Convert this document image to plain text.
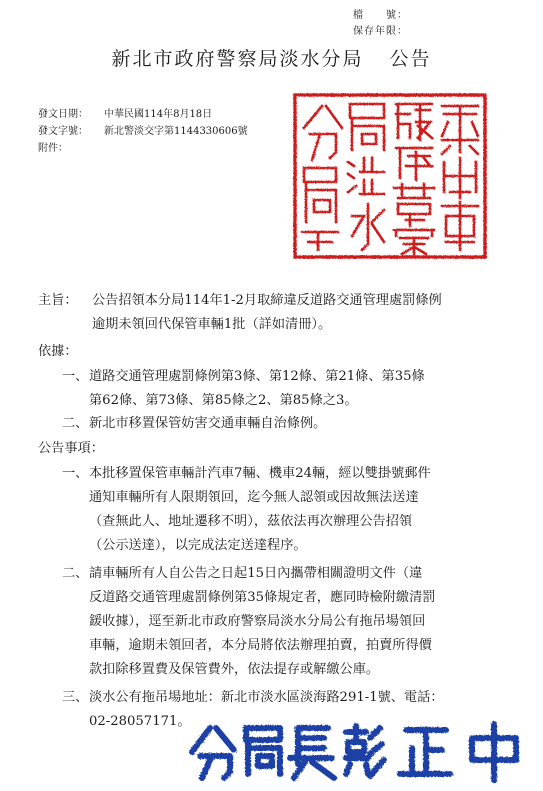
檔　　號：
保存年限：
新北市政府警察局淡水分局 公告
發文日期：	中華民國114年8月18日
發文字號：	新北警淡交字第1144330606號
附件：
主旨： 公告招領本分局114年1-2月取締違反道路交通管理處罰條例
逾期未領回代保管車輛1批（詳如清冊）。
依據：
一、 道路交通管理處罰條例第3條、第12條、第21條、第35條
第62條、第73條、第85條之2、第85條之3。
二、 新北市移置保管妨害交通車輛自治條例。
公告事項：
一、 本批移置保管車輛計汽車7輛、機車24輛，經以雙掛號郵件
通知車輛所有人限期領回，迄今無人認領或因故無法送達
（查無此人、地址遷移不明），茲依法再次辦理公告招領
（公示送達），以完成法定送達程序。
二、 請車輛所有人自公告之日起15日內攜帶相關證明文件（違
反道路交通管理處罰條例第35條規定者，應同時檢附繳清罰
鍰收據），逕至新北市政府警察局淡水分局公有拖吊場領回
車輛，逾期未領回者，本分局將依法辦理拍賣，拍賣所得價
款扣除移置費及保管費外，依法提存或解繳公庫。
三、 淡水公有拖吊場地址：新北市淡水區淡海路291-1號、電話：
02-28057171。
